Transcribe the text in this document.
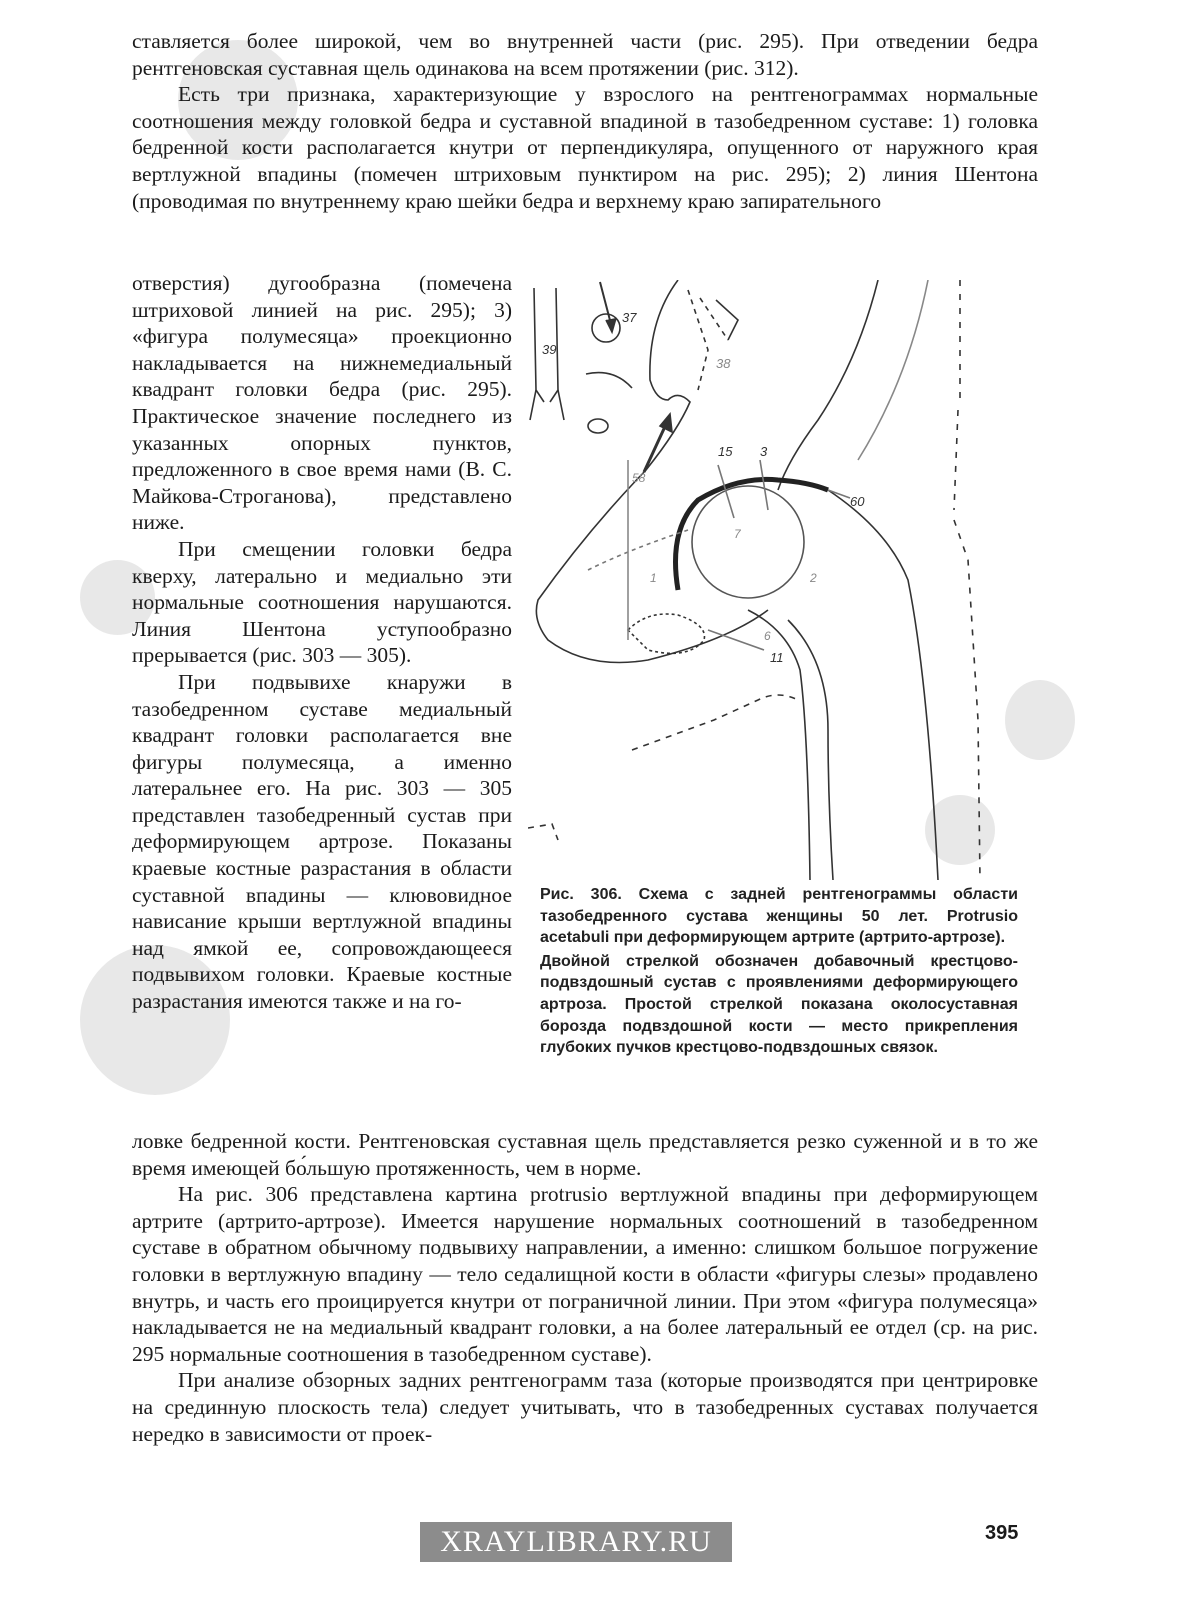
ставляется более широкой, чем во внутренней части (рис. 295). При отведении бедра рентгеновская суставная щель одинакова на всем протяжении (рис. 312).

Есть три признака, характеризующие у взрослого на рентгенограммах нормальные соотношения между головкой бедра и суставной впадиной в тазобедренном суставе: 1) головка бедренной кости располагается кнутри от перпендикуляра, опущенного от наружного края вертлужной впадины (помечен штриховым пунктиром на рис. 295); 2) линия Шентона (проводимая по внутреннему краю шейки бедра и верхнему краю запирательного

отверстия) дугообразна (помечена штриховой линией на рис. 295); 3) «фигура полумесяца» проекционно накладывается на нижнемедиальный квадрант головки бедра (рис. 295). Практическое значение последнего из указанных опорных пунктов, предложенного в свое время нами (В. С. Майкова-Строганова), представлено ниже.

При смещении головки бедра кверху, латерально и медиально эти нормальные соотношения нарушаются. Линия Шентона уступообразно прерывается (рис. 303 — 305).

При подвывихе кнаружи в тазобедренном суставе медиальный квадрант головки располагается вне фигуры полумесяца, а именно латеральнее его. На рис. 303 — 305 представлен тазобедренный сустав при деформирующем артрозе. Показаны краевые костные разрастания в области суставной впадины — клювовидное нависание крыши вертлужной впадины над ямкой ее, сопровождающееся подвывихом головки. Краевые костные разрастания имеются также и на го-

37
39
38
15 3
58
60
7
1	2
6
11

Рис. 306. Схема с задней рентгенограммы области тазобедренного сустава женщины 50 лет. Protrusio acetabuli при деформирующем артрите (артрито-артрозе).

Двойной стрелкой обозначен добавочный крестцово-подвздошный сустав с проявлениями деформирующего артроза. Простой стрелкой показана околосуставная борозда подвздошной кости — место прикрепления глубоких пучков крестцово-подвздошных связок.

ловке бедренной кости. Рентгеновская суставная щель представляется резко суженной и в то же время имеющей бо́льшую протяженность, чем в норме.

На рис. 306 представлена картина protrusio вертлужной впадины при деформирующем артрите (артрито-артрозе). Имеется нарушение нормальных соотношений в тазобедренном суставе в обратном обычному подвывиху направлении, а именно: слишком большое погружение головки в вертлужную впадину — тело седалищной кости в области «фигуры слезы» продавлено внутрь, и часть его проицируется кнутри от пограничной линии. При этом «фигура полумесяца» накладывается не на медиальный квадрант головки, а на более латеральный ее отдел (ср. на рис. 295 нормальные соотношения в тазобедренном суставе).

При анализе обзорных задних рентгенограмм таза (которые производятся при центрировке на срединную плоскость тела) следует учитывать, что в тазобедренных суставах получается нередко в зависимости от проек-

XRAYLIBRARY.RU	395
